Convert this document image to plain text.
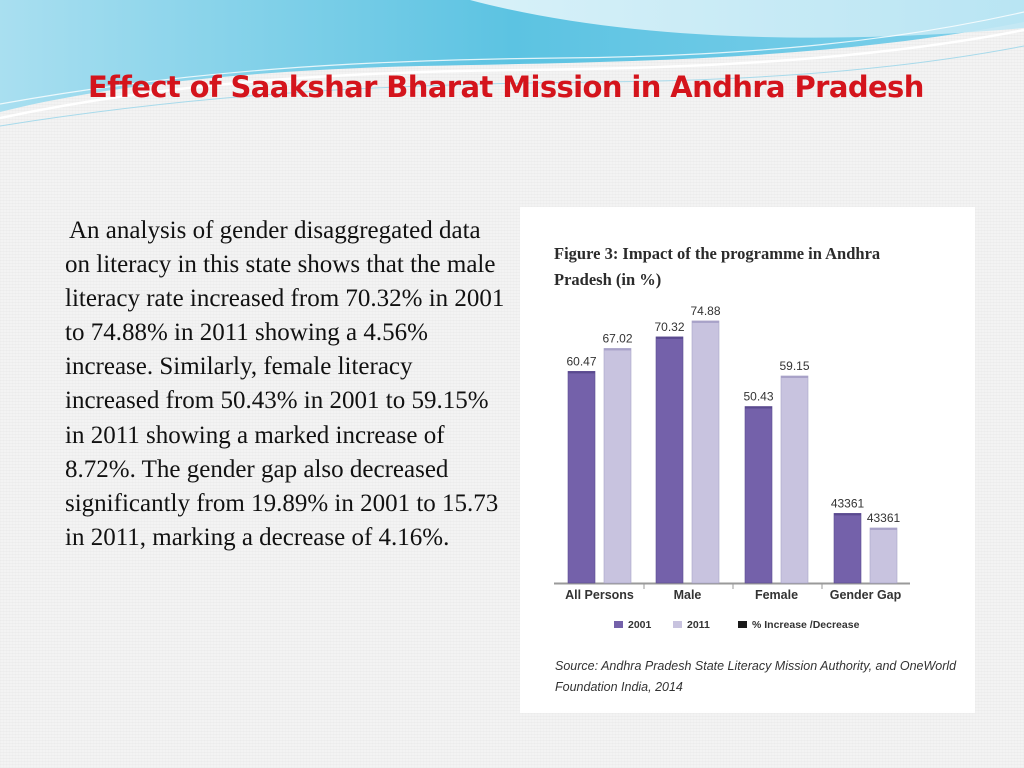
Effect of Saakshar Bharat Mission in Andhra Pradesh

An analysis of gender disaggregated data on literacy in this state shows that the male literacy rate increased from 70.32% in 2001 to 74.88% in 2011 showing a 4.56% increase. Similarly, female literacy increased from 50.43% in 2001 to 59.15% in 2011 showing a marked increase of 8.72%. The gender gap also decreased significantly from 19.89% in 2001 to 15.73 in 2011, marking a decrease of 4.16%.

60.47
67.02
All Persons
70.32
74.88
Male
50.43
59.15
Female
43361
43361
Gender Gap
2001	2011	% Increase /Decrease

Figure 3: Impact of the programme in Andhra Pradesh (in %)

Source: Andhra Pradesh State Literacy Mission Authority, and OneWorld Foundation India, 2014
